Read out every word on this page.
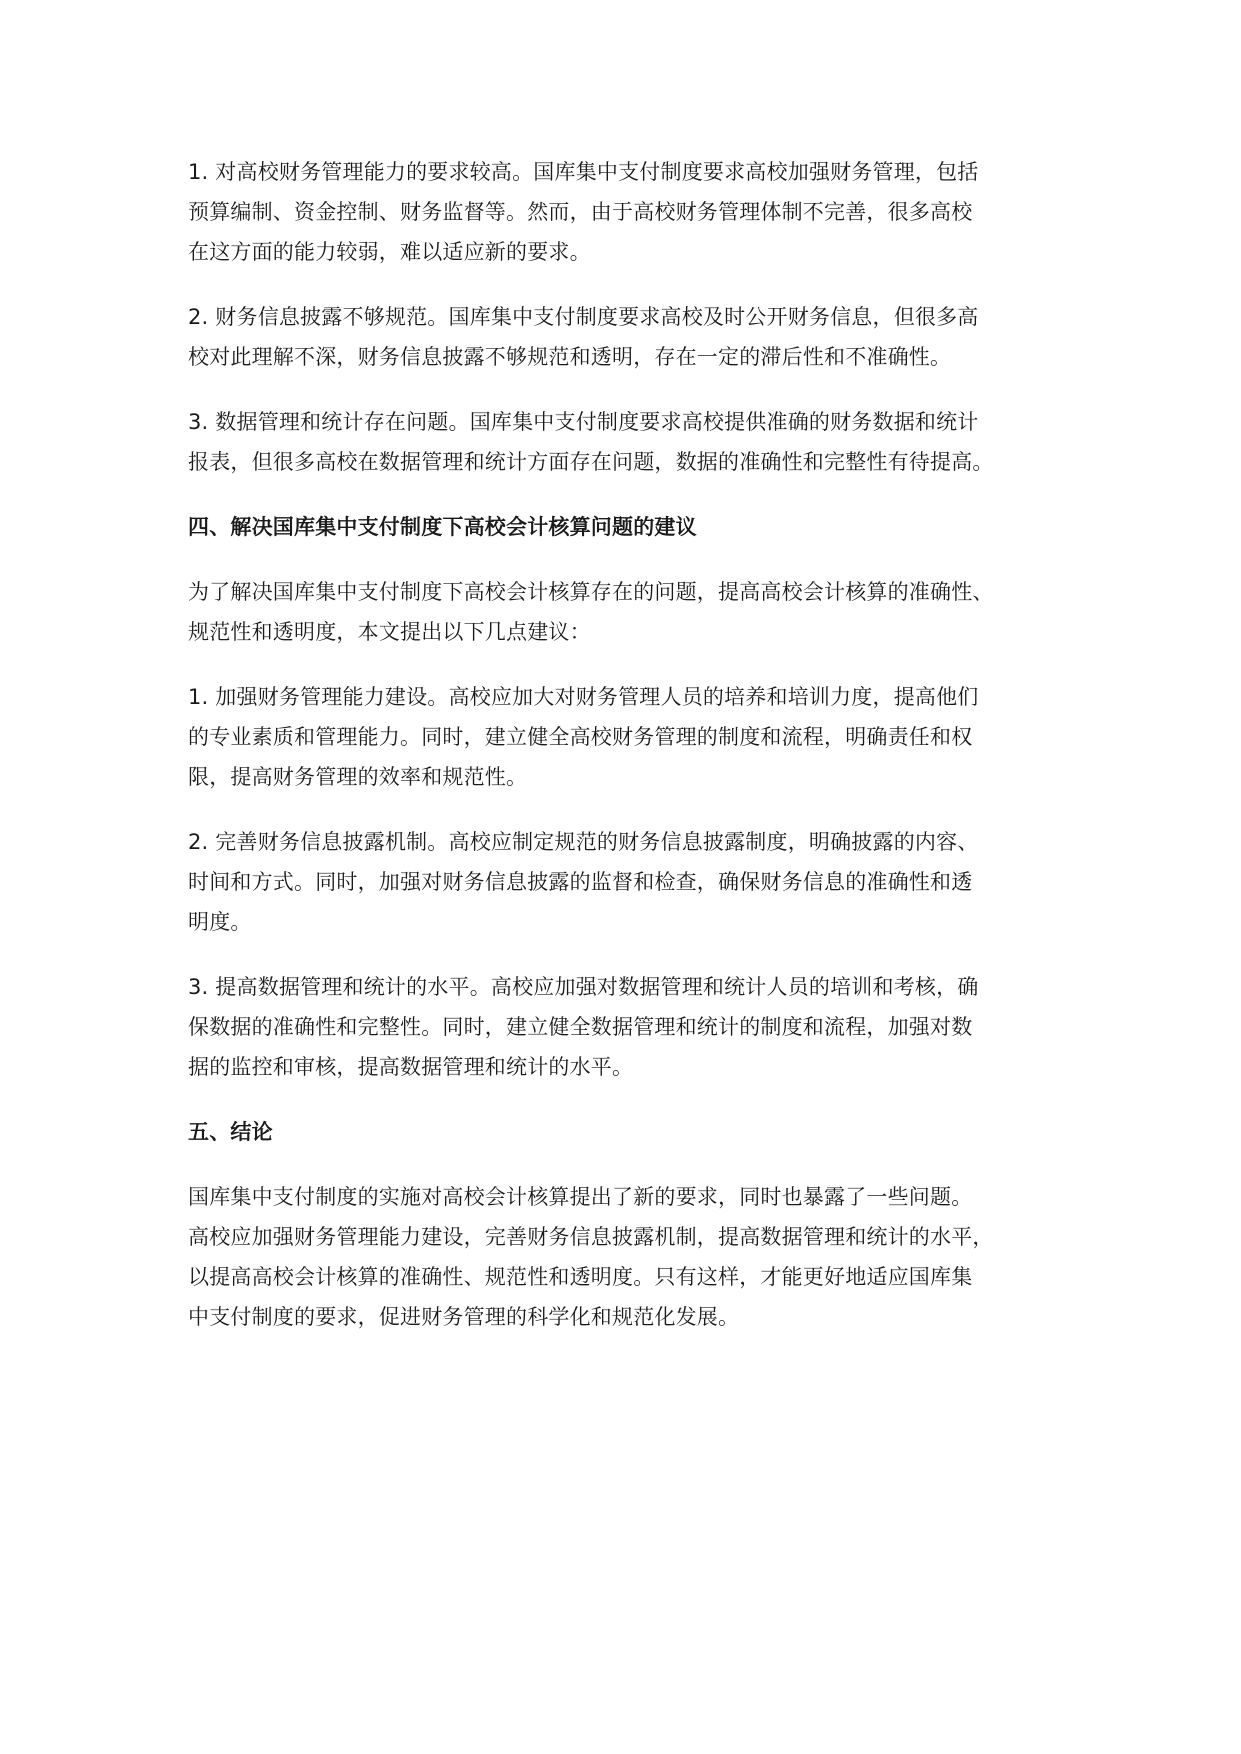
1. 对高校财务管理能力的要求较高。国库集中支付制度要求高校加强财务管理，包括
预算编制、资金控制、财务监督等。然而，由于高校财务管理体制不完善，很多高校
在这方面的能力较弱，难以适应新的要求。

2. 财务信息披露不够规范。国库集中支付制度要求高校及时公开财务信息，但很多高
校对此理解不深，财务信息披露不够规范和透明，存在一定的滞后性和不准确性。

3. 数据管理和统计存在问题。国库集中支付制度要求高校提供准确的财务数据和统计
报表，但很多高校在数据管理和统计方面存在问题，数据的准确性和完整性有待提高。

四、解决国库集中支付制度下高校会计核算问题的建议

为了解决国库集中支付制度下高校会计核算存在的问题，提高高校会计核算的准确性、
规范性和透明度，本文提出以下几点建议：

1. 加强财务管理能力建设。高校应加大对财务管理人员的培养和培训力度，提高他们
的专业素质和管理能力。同时，建立健全高校财务管理的制度和流程，明确责任和权
限，提高财务管理的效率和规范性。

2. 完善财务信息披露机制。高校应制定规范的财务信息披露制度，明确披露的内容、
时间和方式。同时，加强对财务信息披露的监督和检查，确保财务信息的准确性和透
明度。

3. 提高数据管理和统计的水平。高校应加强对数据管理和统计人员的培训和考核，确
保数据的准确性和完整性。同时，建立健全数据管理和统计的制度和流程，加强对数
据的监控和审核，提高数据管理和统计的水平。

五、结论

国库集中支付制度的实施对高校会计核算提出了新的要求，同时也暴露了一些问题。
高校应加强财务管理能力建设，完善财务信息披露机制，提高数据管理和统计的水平，
以提高高校会计核算的准确性、规范性和透明度。只有这样，才能更好地适应国库集
中支付制度的要求，促进财务管理的科学化和规范化发展。
